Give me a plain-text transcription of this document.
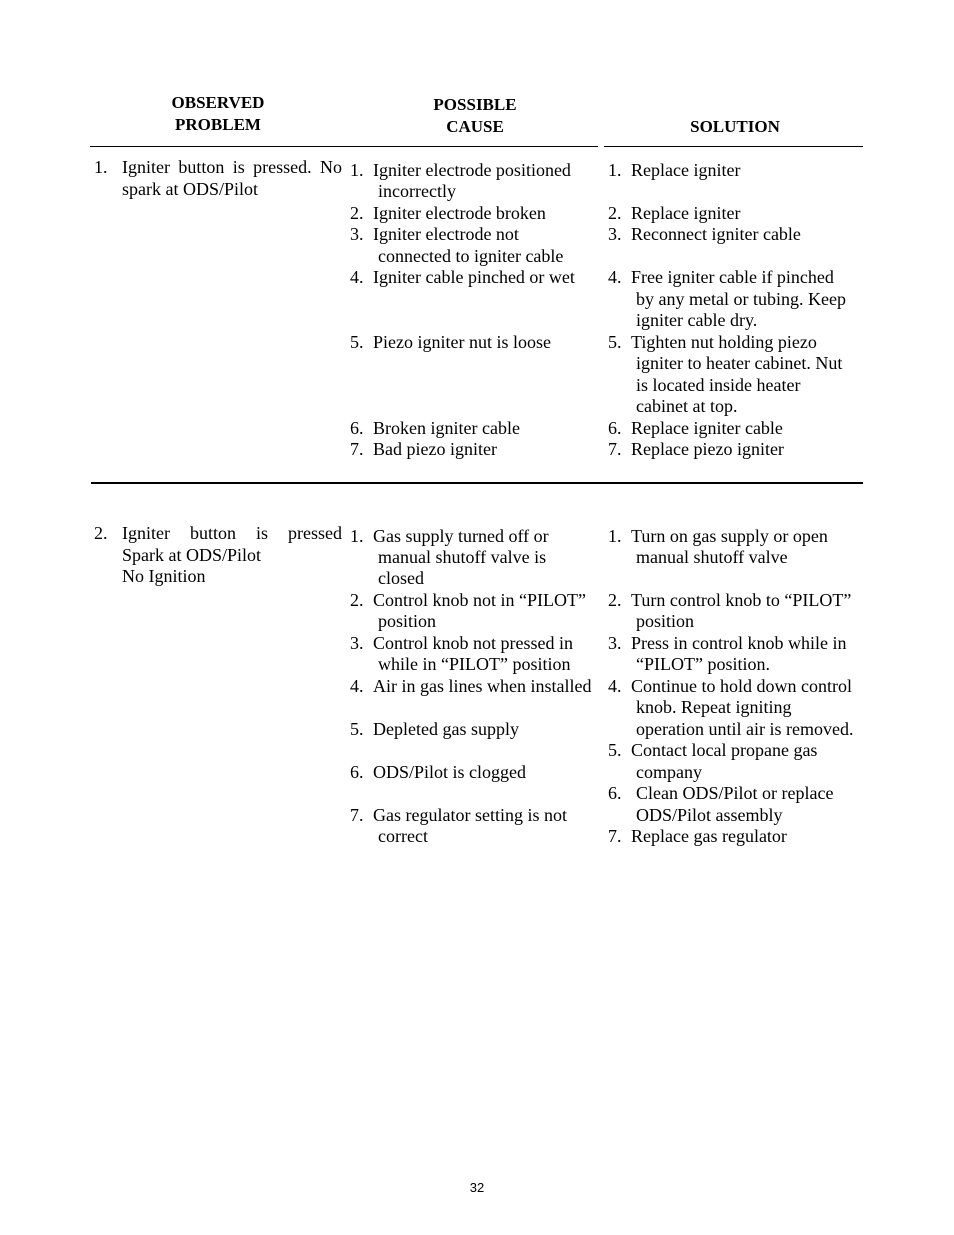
OBSERVED
PROBLEM
POSSIBLE
CAUSE	SOLUTION
1. Igniter button is pressed. No
spark at ODS/Pilot
1. Igniter electrode positioned
incorrectly
2. Igniter electrode broken
3. Igniter electrode not
connected to igniter cable
4. Igniter cable pinched or wet
5. Piezo igniter nut is loose
6. Broken igniter cable
7. Bad piezo igniter
1. Replace igniter
2. Replace igniter
3. Reconnect igniter cable
4. Free igniter cable if pinched
by any metal or tubing. Keep
igniter cable dry.
5. Tighten nut holding piezo
igniter to heater cabinet. Nut
is located inside heater
cabinet at top.
6. Replace igniter cable
7. Replace piezo igniter
2. Igniter button is pressed
Spark at ODS/Pilot
No Ignition
1. Gas supply turned off or
manual shutoff valve is
closed
2. Control knob not in “PILOT”
position
3. Control knob not pressed in
while in “PILOT” position
4. Air in gas lines when installed
5. Depleted gas supply
6. ODS/Pilot is clogged
7. Gas regulator setting is not
correct
1. Turn on gas supply or open
manual shutoff valve
2. Turn control knob to “PILOT”
position
3. Press in control knob while in
“PILOT” position.
4. Continue to hold down control
knob. Repeat igniting
operation until air is removed.
5. Contact local propane gas
company
6. Clean ODS/Pilot or replace
ODS/Pilot assembly
7. Replace gas regulator
32
